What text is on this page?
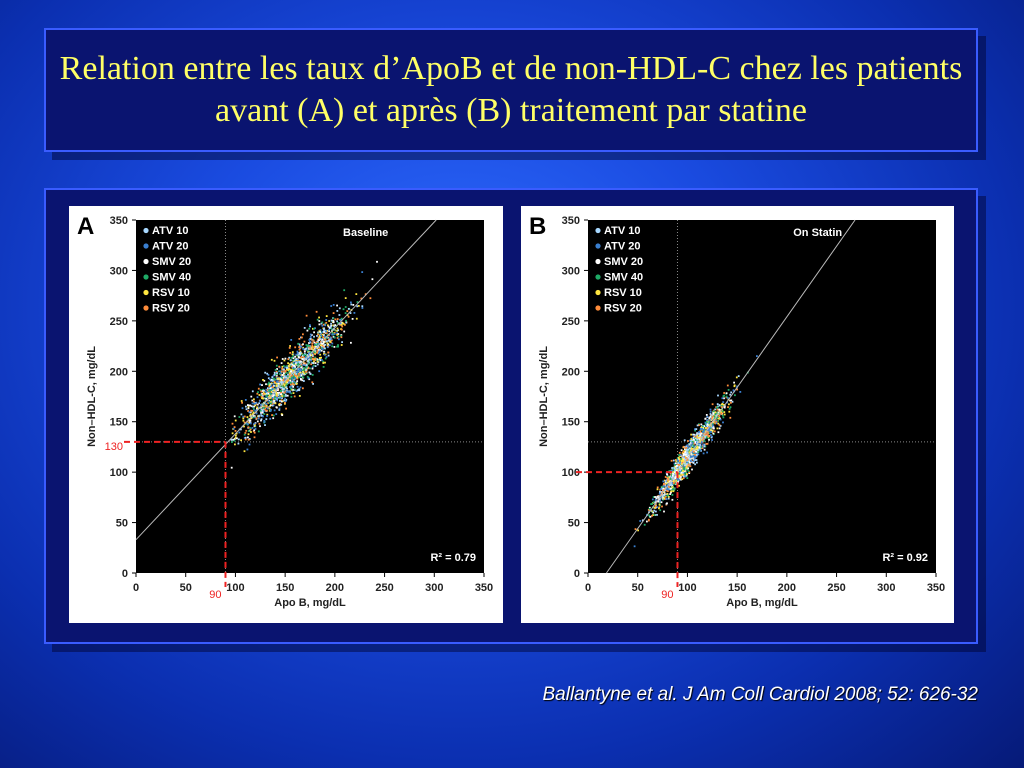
Relation entre les taux d’ApoB et de non-HDL-C chez les patients avant (A) et après (B) traitement par statine
A	Baseline
ATV 10
ATV 20
SMV 20
SMV 40
RSV 10
RSV 20
R² = 0.79
0
50
100
150
200
250
300
350
0	50	100	150	200	250	300	350
Apo B, mg/dL
Non–HDL-C, mg/dL
90
130
B	On Statin
ATV 10
ATV 20
SMV 20
SMV 40
RSV 10
RSV 20
R² = 0.92
0
50
100
150
200
250
300
350
0	50	100	150	200	250	300	350
Apo B, mg/dL
Non–HDL-C, mg/dL
90
Ballantyne et al. J Am Coll Cardiol 2008; 52: 626-32
